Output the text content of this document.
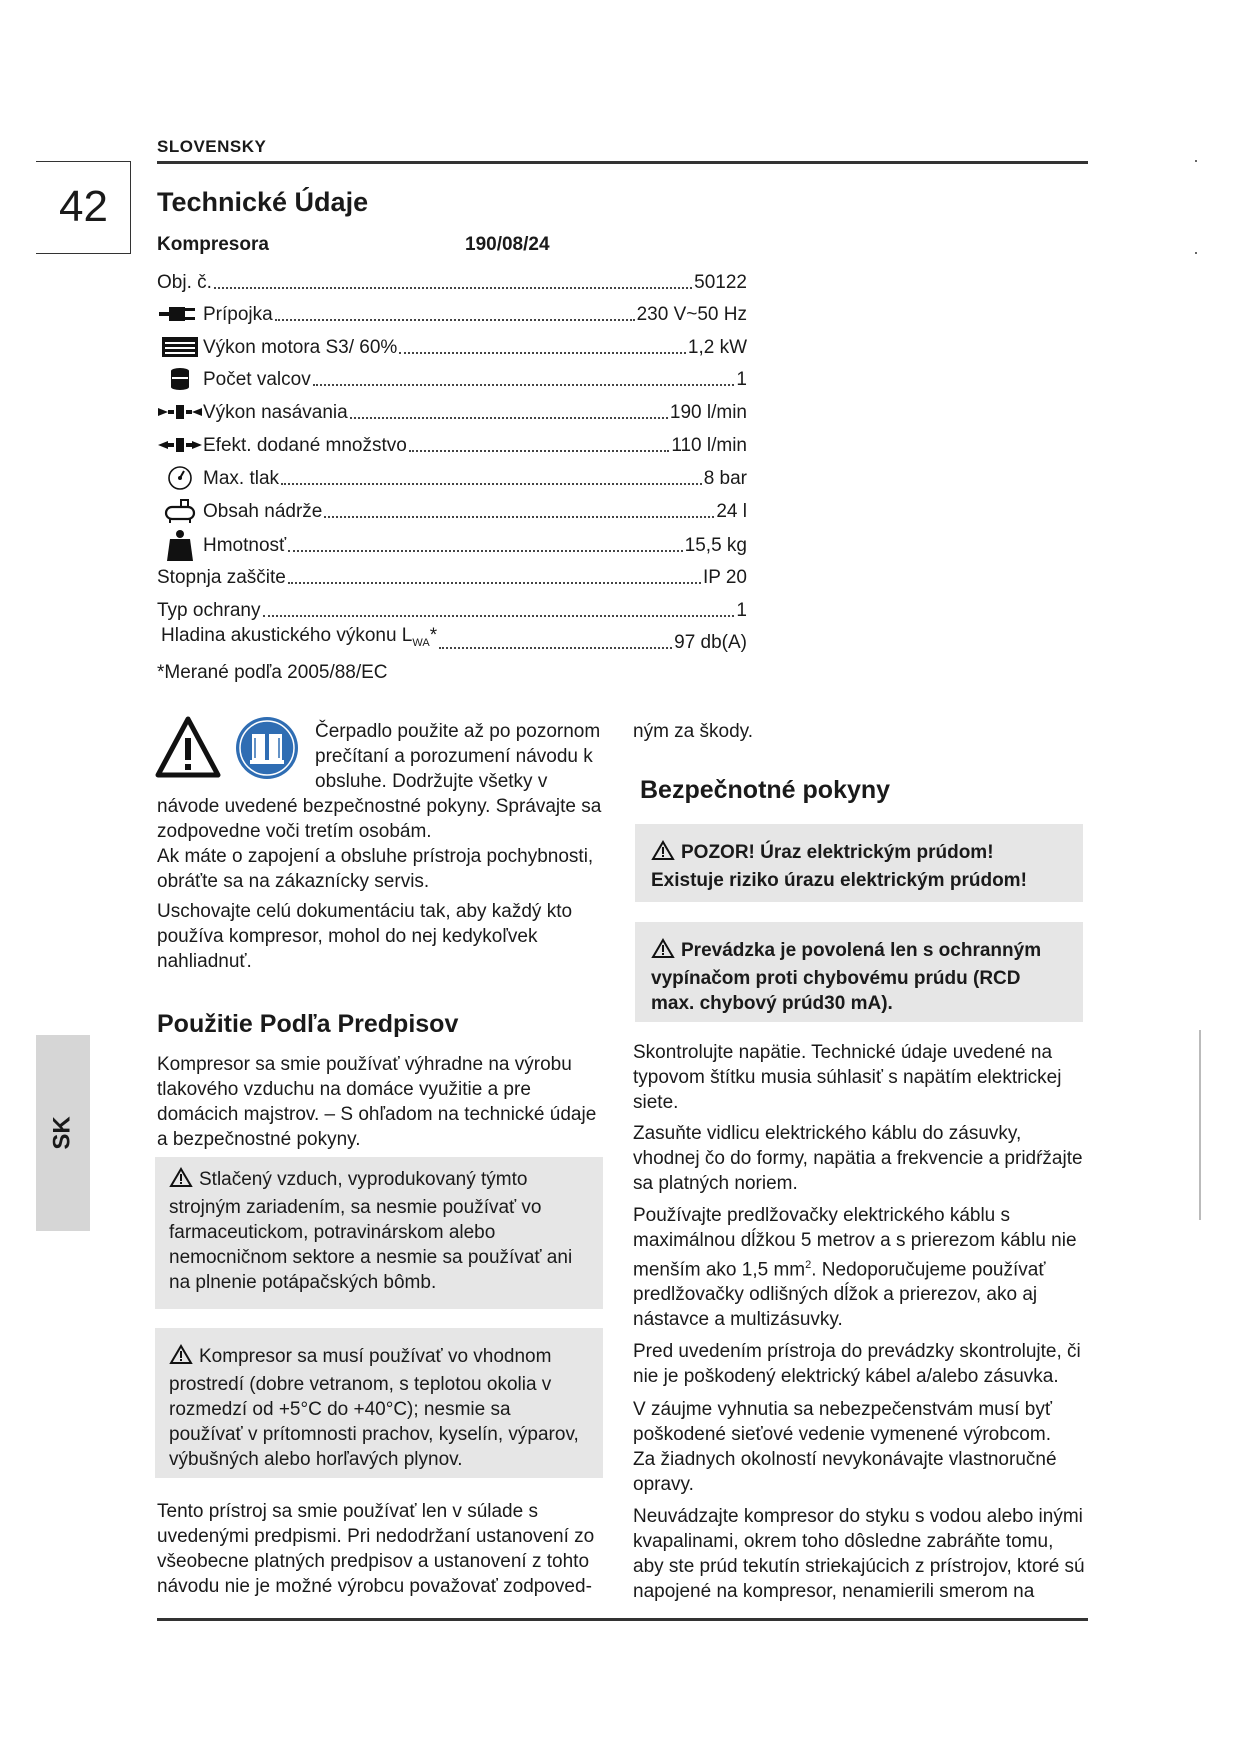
SLOVENSKY
42
SK
Technické Údaje
Kompresora	190/08/24
Obj. č.	50122
Prípojka	230 V~50 Hz
Výkon motora S3/ 60%	1,2 kW
Počet valcov	1
Výkon nasávania	190 l/min
Efekt. dodané množstvo	110 l/min
Max. tlak	8 bar
Obsah nádrže	24 l
Hmotnosť	15,5 kg
Stopnja zaščite	IP 20
Typ ochrany	1
Hladina akustického výkonu $L_{WA}*$	97 db(A)
*Merané podľa 2005/88/EC

Čerpadlo použite až po pozornom prečítaní a porozumení návodu k obsluhe. Dodržujte všetky v

návode uvedené bezpečnostné pokyny. Správajte sa zodpovedne voči tretím osobám.

Ak máte o zapojení a obsluhe prístroja pochybnosti, obráťte sa na zákaznícky servis.

Uschovajte celú dokumentáciu tak, aby každý kto používa kompresor, mohol do nej kedykoľvek nahliadnuť.

Použitie Podľa Predpisov

Kompresor sa smie používať výhradne na výrobu tlakového vzduchu na domáce využitie a pre domácich majstrov. – S ohľadom na technické údaje a bezpečnostné pokyny.

Stlačený vzduch, vyprodukovaný týmto strojným zariadením, sa nesmie používať vo farmaceutickom, potravinárskom alebo nemocničnom sektore a nesmie sa používať ani na plnenie potápačských bômb.
Kompresor sa musí používať vo vhodnom prostredí (dobre vetranom, s teplotou okolia v rozmedzí od +5°C do +40°C); nesmie sa používať v prítomnosti prachov, kyselín, výparov, výbušných alebo horľavých plynov.

Tento prístroj sa smie používať len v súlade s uvedenými predpismi. Pri nedodržaní ustanovení zo všeobecne platných predpisov a ustanovení z tohto návodu nie je možné výrobcu považovať zodpoved-

ným za škody.

Bezpečnotné pokyny
POZOR! Úraz elektrickým prúdom! Existuje riziko úrazu elektrickým prúdom!
Prevádzka je povolená len s ochranným vypínačom proti chybovému prúdu (RCD max. chybový prúd30 mA).

Skontrolujte napätie. Technické údaje uvedené na typovom štítku musia súhlasiť s napätím elektrickej siete.

Zasuňte vidlicu elektrického káblu do zásuvky, vhodnej čo do formy, napätia a frekvencie a pridŕžajte sa platných noriem.

Používajte predlžovačky elektrického káblu s maximálnou dĺžkou 5 metrov a s prierezom káblu nie menším ako 1,5 $mm^2$. Nedoporučujeme používať predlžovačky odlišných dĺžok a prierezov, ako aj nástavce a multizásuvky.

Pred uvedením prístroja do prevádzky skontrolujte, či nie je poškodený elektrický kábel a/alebo zásuvka.

V záujme vyhnutia sa nebezpečenstvám musí byť poškodené sieťové vedenie vymenené výrobcom.

Za žiadnych okolností nevykonávajte vlastnoručné opravy.

Neuvádzajte kompresor do styku s vodou alebo inými kvapalinami, okrem toho dôsledne zabráňte tomu, aby ste prúd tekutín striekajúcich z prístrojov, ktoré sú napojené na kompresor, nenamierili smerom na
